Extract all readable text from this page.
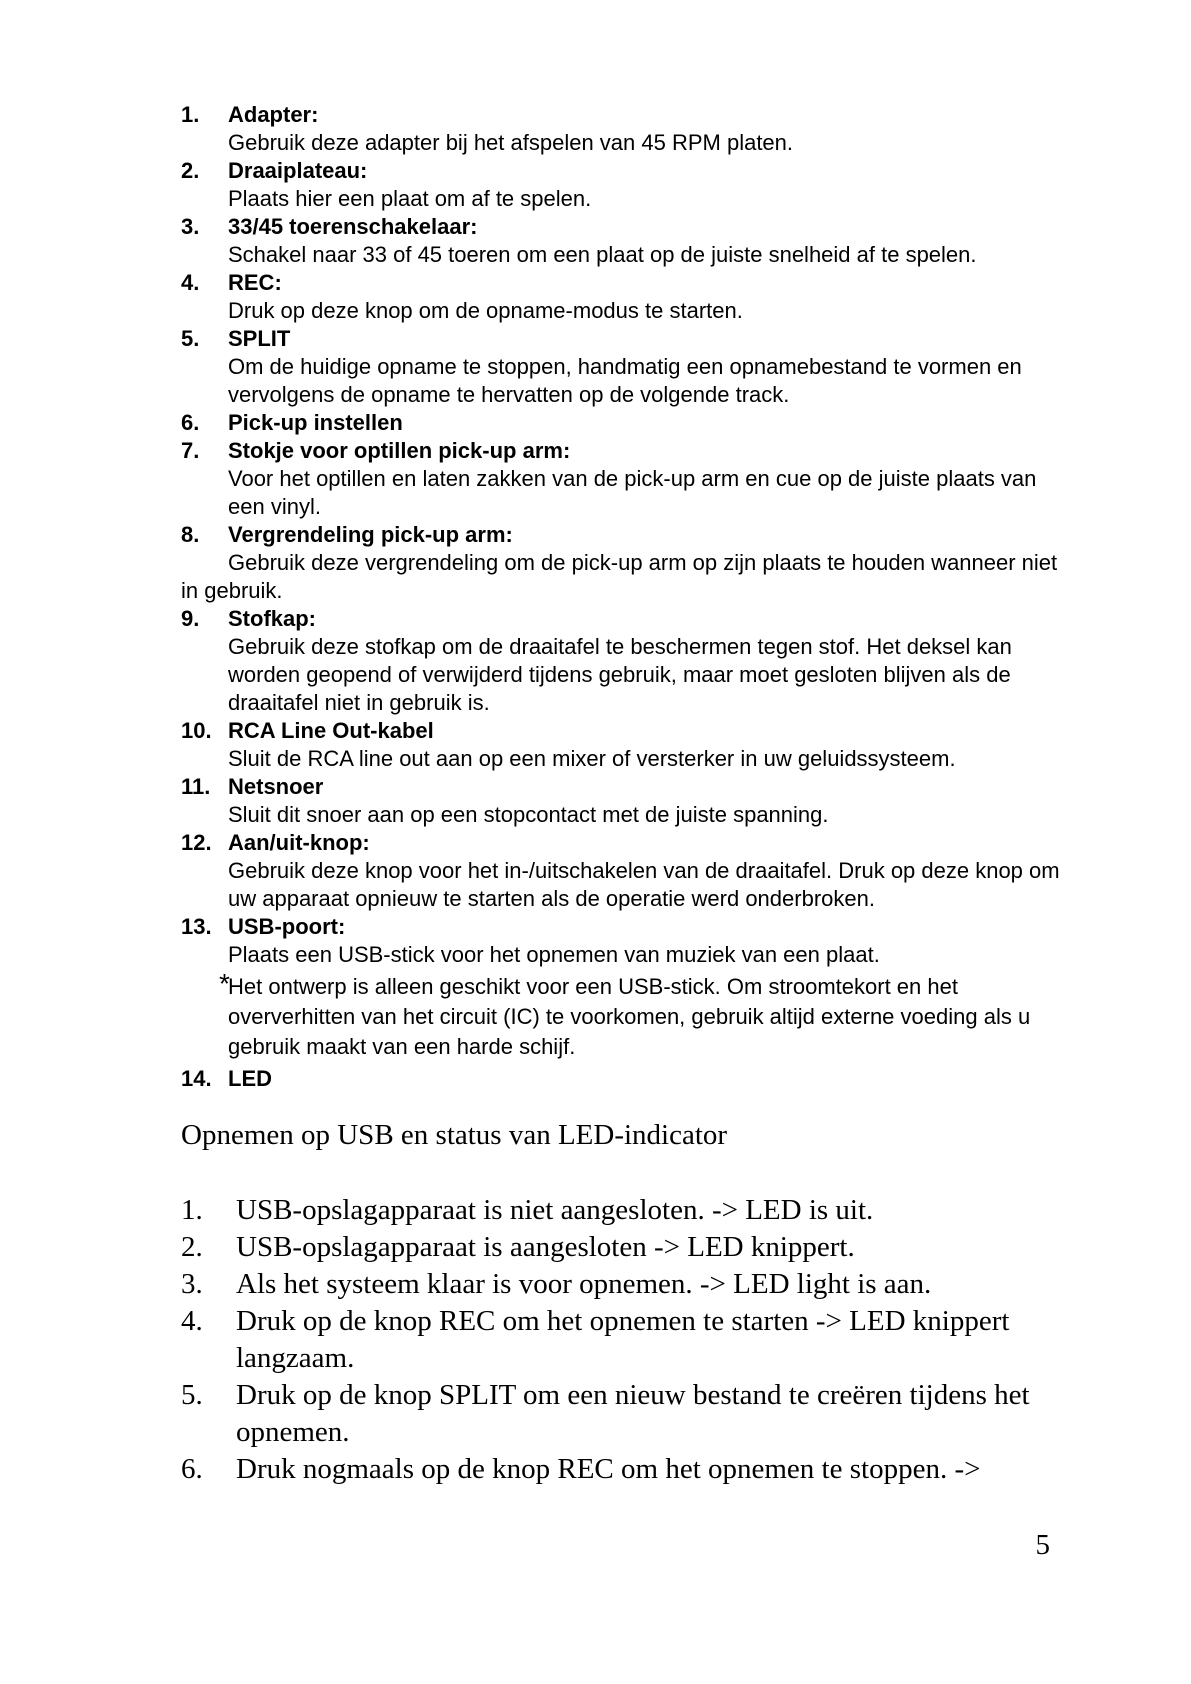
1.	Adapter:
Gebruik deze adapter bij het afspelen van 45 RPM platen.
2.	Draaiplateau:
Plaats hier een plaat om af te spelen.
3.	33/45 toerenschakelaar:
Schakel naar 33 of 45 toeren om een plaat op de juiste snelheid af te spelen.
4.	REC:
Druk op deze knop om de opname-modus te starten.
5.	SPLIT
Om de huidige opname te stoppen, handmatig een opnamebestand te vormen en vervolgens de opname te hervatten op de volgende track.
6.	Pick-up instellen
7.	Stokje voor optillen pick-up arm:
Voor het optillen en laten zakken van de pick-up arm en cue op de juiste plaats van een vinyl.
8.	Vergrendeling pick-up arm:
Gebruik deze vergrendeling om de pick-up arm op zijn plaats te houden wanneer niet in gebruik.
9.	Stofkap:
Gebruik deze stofkap om de draaitafel te beschermen tegen stof. Het deksel kan worden geopend of verwijderd tijdens gebruik, maar moet gesloten blijven als de draaitafel niet in gebruik is.
10. RCA Line Out-kabel
Sluit de RCA line out aan op een mixer of versterker in uw geluidssysteem.
11. Netsnoer
Sluit dit snoer aan op een stopcontact met de juiste spanning.
12. Aan/uit-knop:
Gebruik deze knop voor het in-/uitschakelen van de draaitafel. Druk op deze knop om uw apparaat opnieuw te starten als de operatie werd onderbroken.
13. USB-poort:
Plaats een USB-stick voor het opnemen van muziek van een plaat.
*
Het ontwerp is alleen geschikt voor een USB-stick. Om stroomtekort en het oververhitten van het circuit (IC) te voorkomen, gebruik altijd externe voeding als u gebruik maakt van een harde schijf.
14. LED
Opnemen op USB en status van LED-indicator
1. USB-opslagapparaat is niet aangesloten. -> LED is uit.
2. USB-opslagapparaat is aangesloten -> LED knippert.
3. Als het systeem klaar is voor opnemen. -> LED light is aan.
4. Druk op de knop REC om het opnemen te starten -> LED knippert langzaam.
5. Druk op de knop SPLIT om een nieuw bestand te creëren tijdens het opnemen.
6. Druk nogmaals op de knop REC om het opnemen te stoppen. ->
5
